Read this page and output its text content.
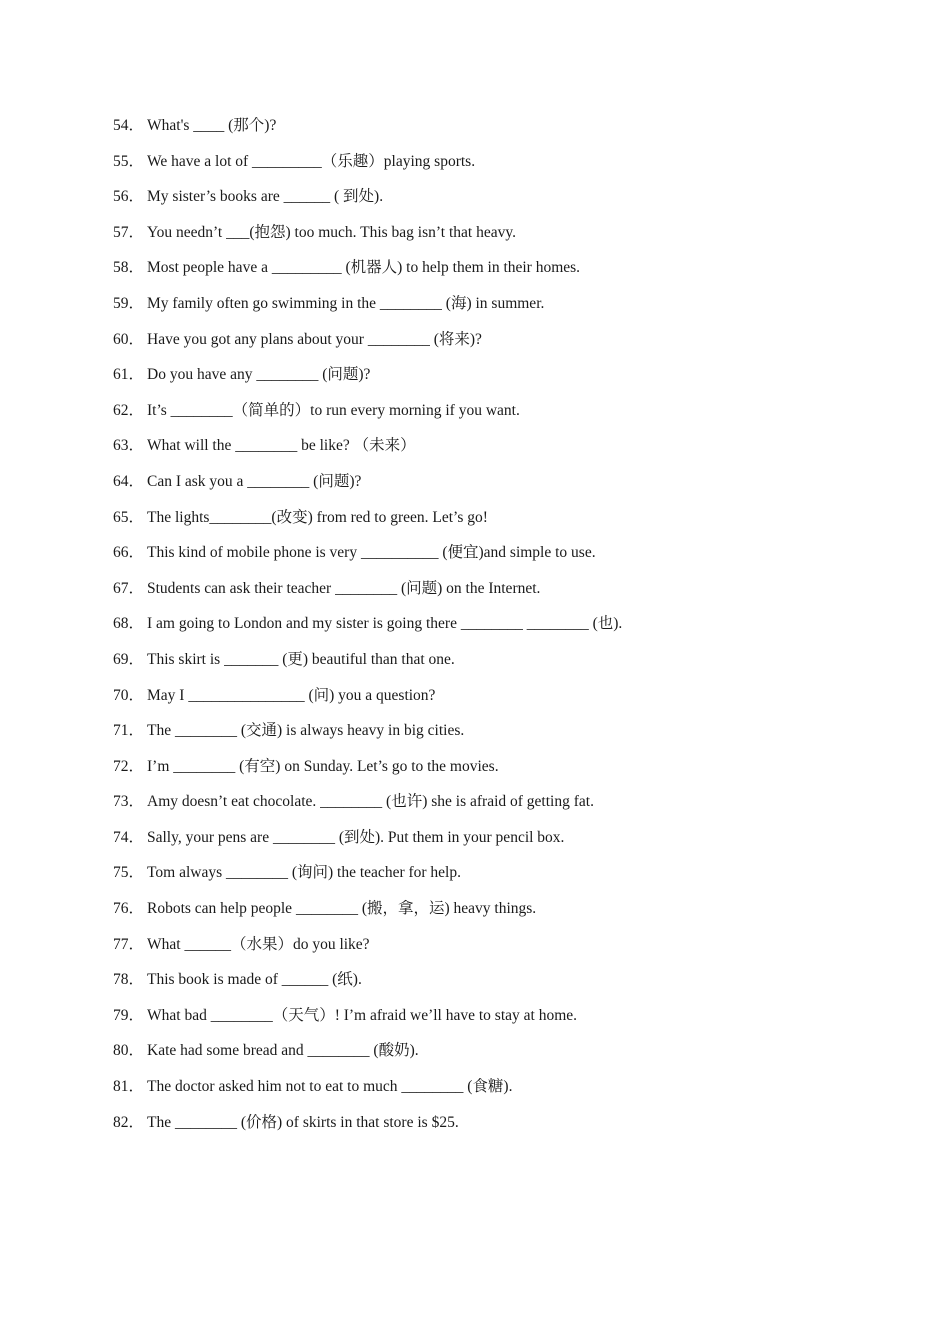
54． What's ____ (那个)?
55． We have a lot of _________（乐趣）playing sports.
56． My sister’s books are ______ ( 到处).
57． You needn’t ___(抱怨) too much. This bag isn’t that heavy.
58． Most people have a _________ (机器人) to help them in their homes.
59． My family often go swimming in the ________ (海) in summer.
60． Have you got any plans about your ________ (将来)?
61． Do you have any ________ (问题)?
62． It’s ________（简单的）to run every morning if you want.
63． What will the ________ be like? （未来）
64． Can I ask you a ________ (问题)?
65． The lights________(改变) from red to green. Let’s go!
66． This kind of mobile phone is very __________ (便宜)and simple to use.
67． Students can ask their teacher ________ (问题) on the Internet.
68． I am going to London and my sister is going there ________ ________ (也).
69． This skirt is _______ (更) beautiful than that one.
70． May I _______________ (问) you a question?
71． The ________ (交通) is always heavy in big cities.
72． I’m ________ (有空) on Sunday. Let’s go to the movies.
73． Amy doesn’t eat chocolate. ________ (也许) she is afraid of getting fat.
74． Sally, your pens are ________ (到处). Put them in your pencil box.
75． Tom always ________ (询问) the teacher for help.
76． Robots can help people ________ (搬，拿，运) heavy things.
77． What ______（水果）do you like?
78． This book is made of ______ (纸).
79． What bad ________（天气）! I’m afraid we’ll have to stay at home.
80． Kate had some bread and ________ (酸奶).
81． The doctor asked him not to eat to much ________ (食糖).
82． The ________ (价格) of skirts in that store is $25.
